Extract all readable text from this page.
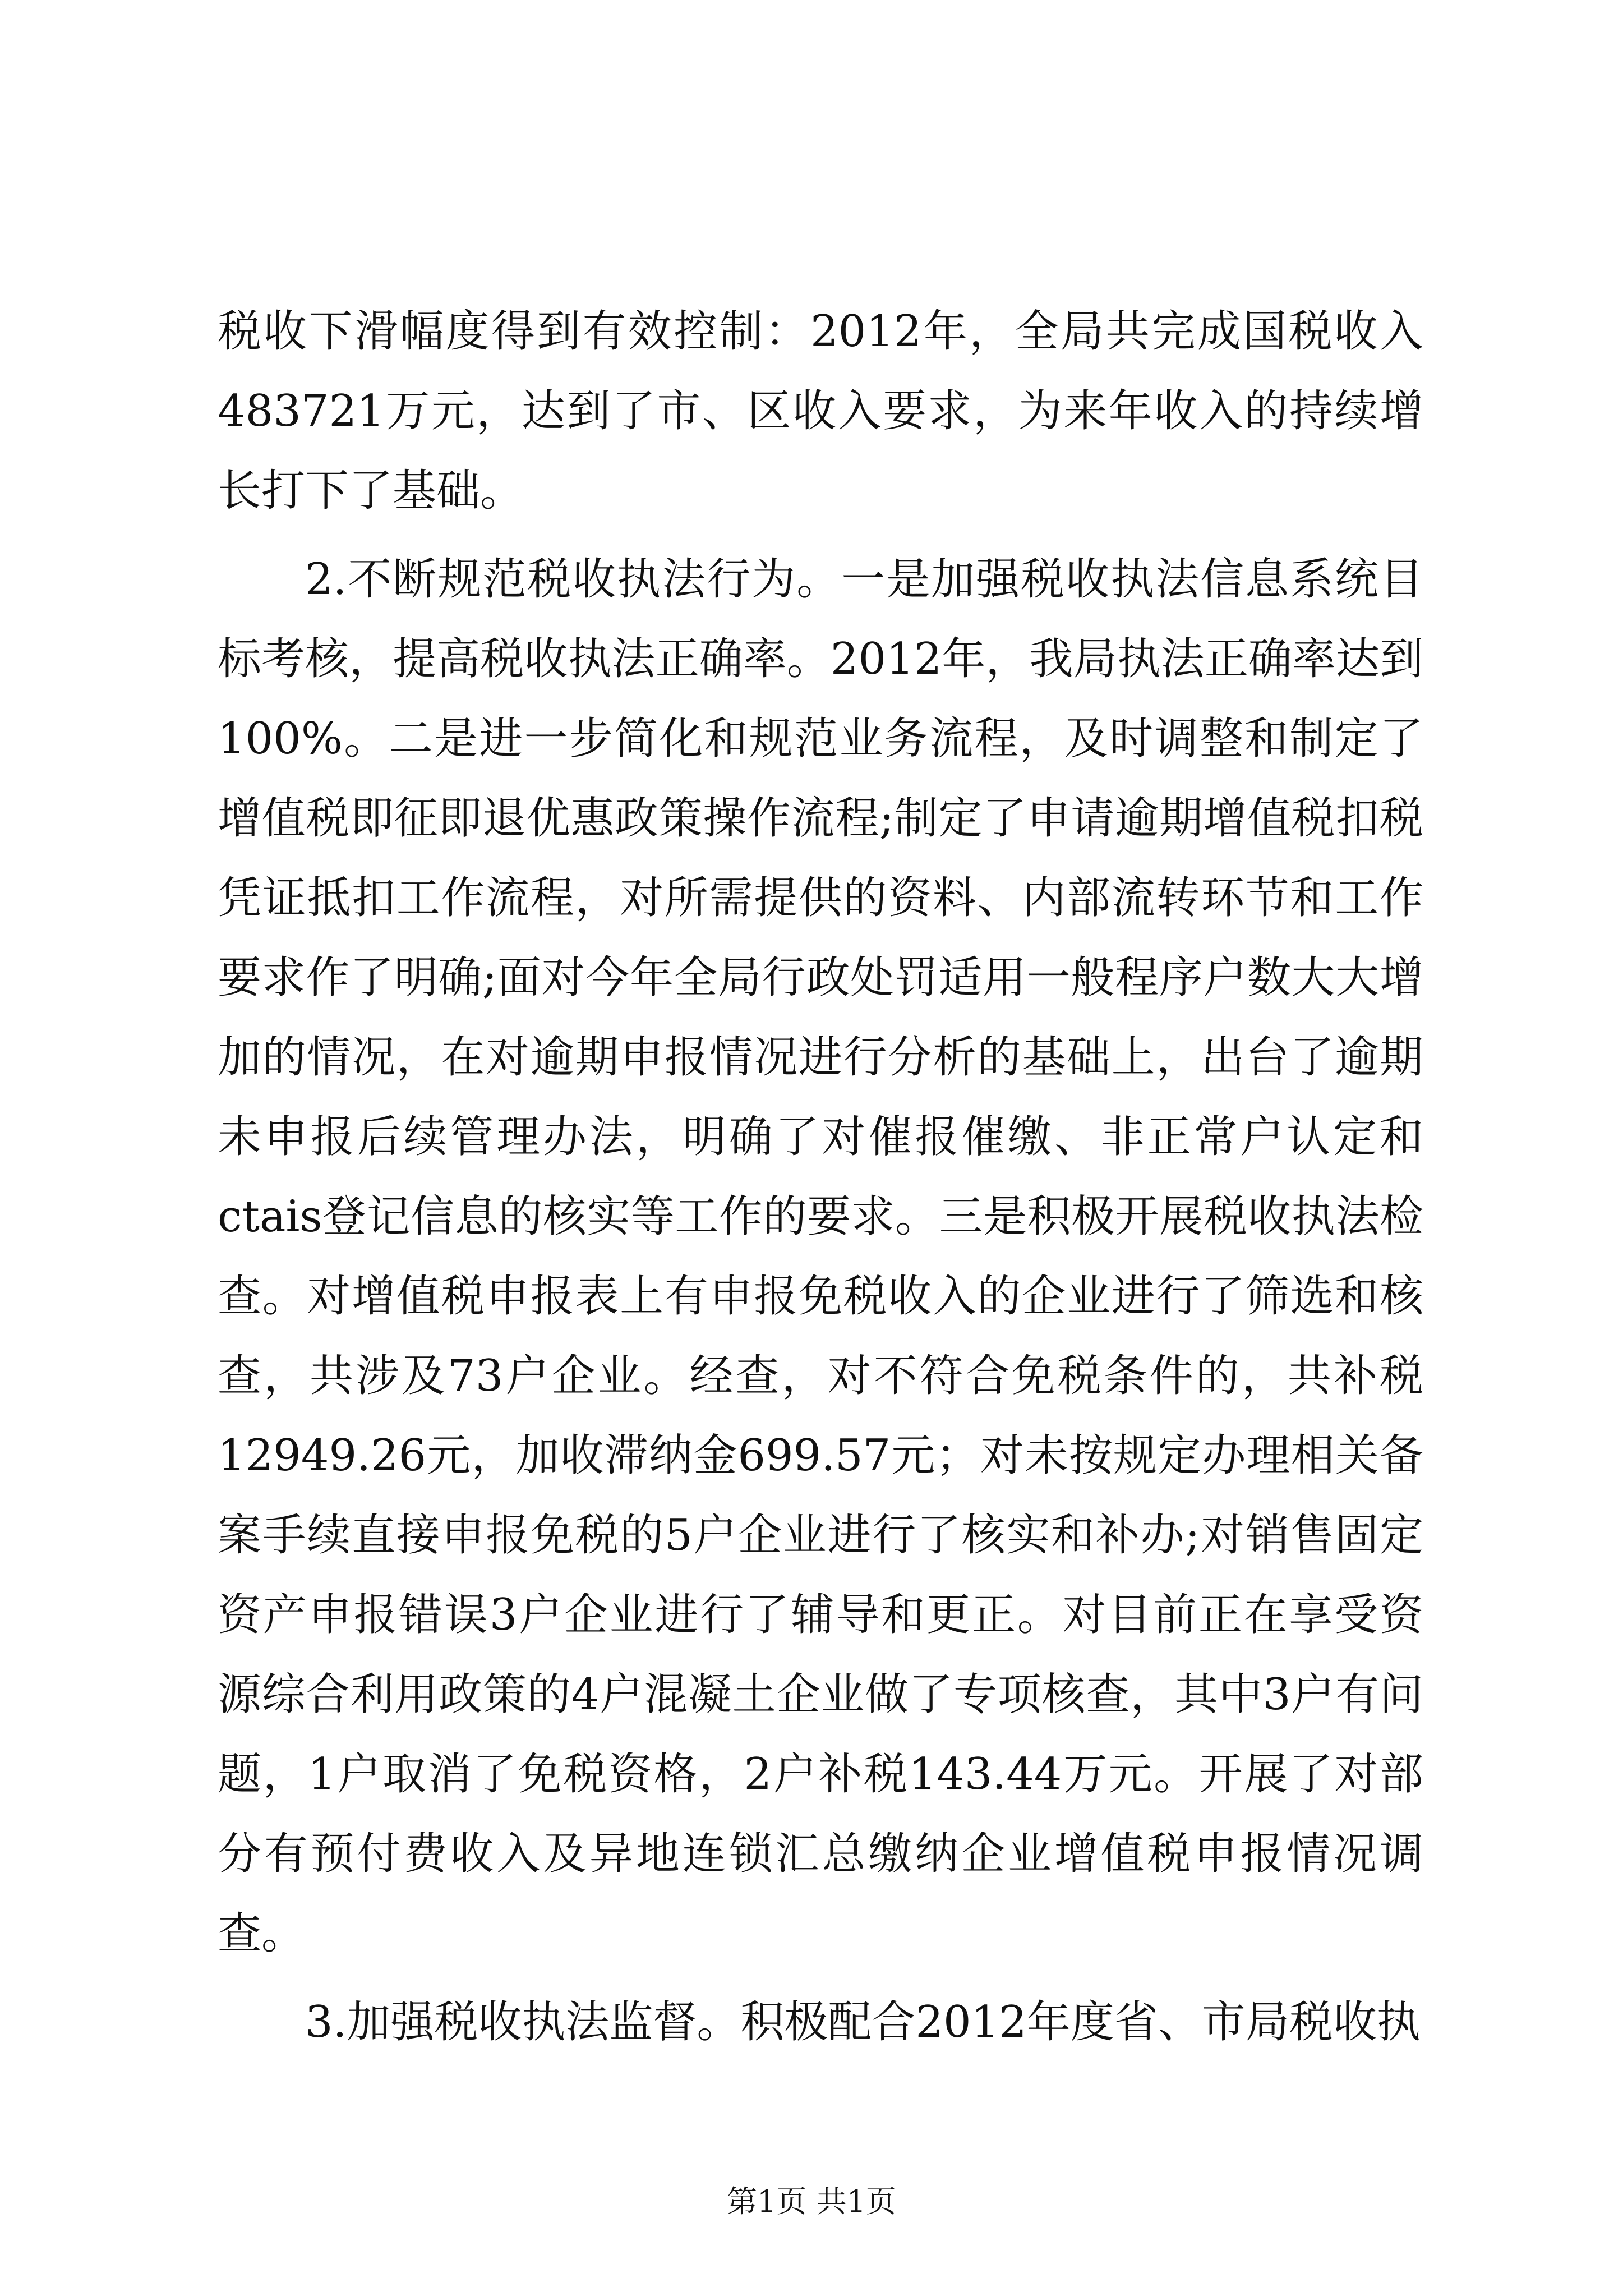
税收下滑幅度得到有效控制：2012年，全局共完成国税收入483721万元，达到了市、区收入要求，为来年收入的持续增长打下了基础。

2.不断规范税收执法行为。一是加强税收执法信息系统目标考核，提高税收执法正确率。2012年，我局执法正确率达到100%。二是进一步简化和规范业务流程，及时调整和制定了增值税即征即退优惠政策操作流程;制定了申请逾期增值税扣税凭证抵扣工作流程，对所需提供的资料、内部流转环节和工作要求作了明确;面对今年全局行政处罚适用一般程序户数大大增加的情况，在对逾期申报情况进行分析的基础上，出台了逾期未申报后续管理办法，明确了对催报催缴、非正常户认定和ctais登记信息的核实等工作的要求。三是积极开展税收执法检查。对增值税申报表上有申报免税收入的企业进行了筛选和核查，共涉及73户企业。经查，对不符合免税条件的，共补税12949.26元，加收滞纳金699.57元；对未按规定办理相关备案手续直接申报免税的5户企业进行了核实和补办;对销售固定资产申报错误3户企业进行了辅导和更正。对目前正在享受资源综合利用政策的4户混凝土企业做了专项核查，其中3户有问题，1户取消了免税资格，2户补税143.44万元。开展了对部分有预付费收入及异地连锁汇总缴纳企业增值税申报情况调查。

3.加强税收执法监督。积极配合2012年度省、市局税收执

第1页 共1页
